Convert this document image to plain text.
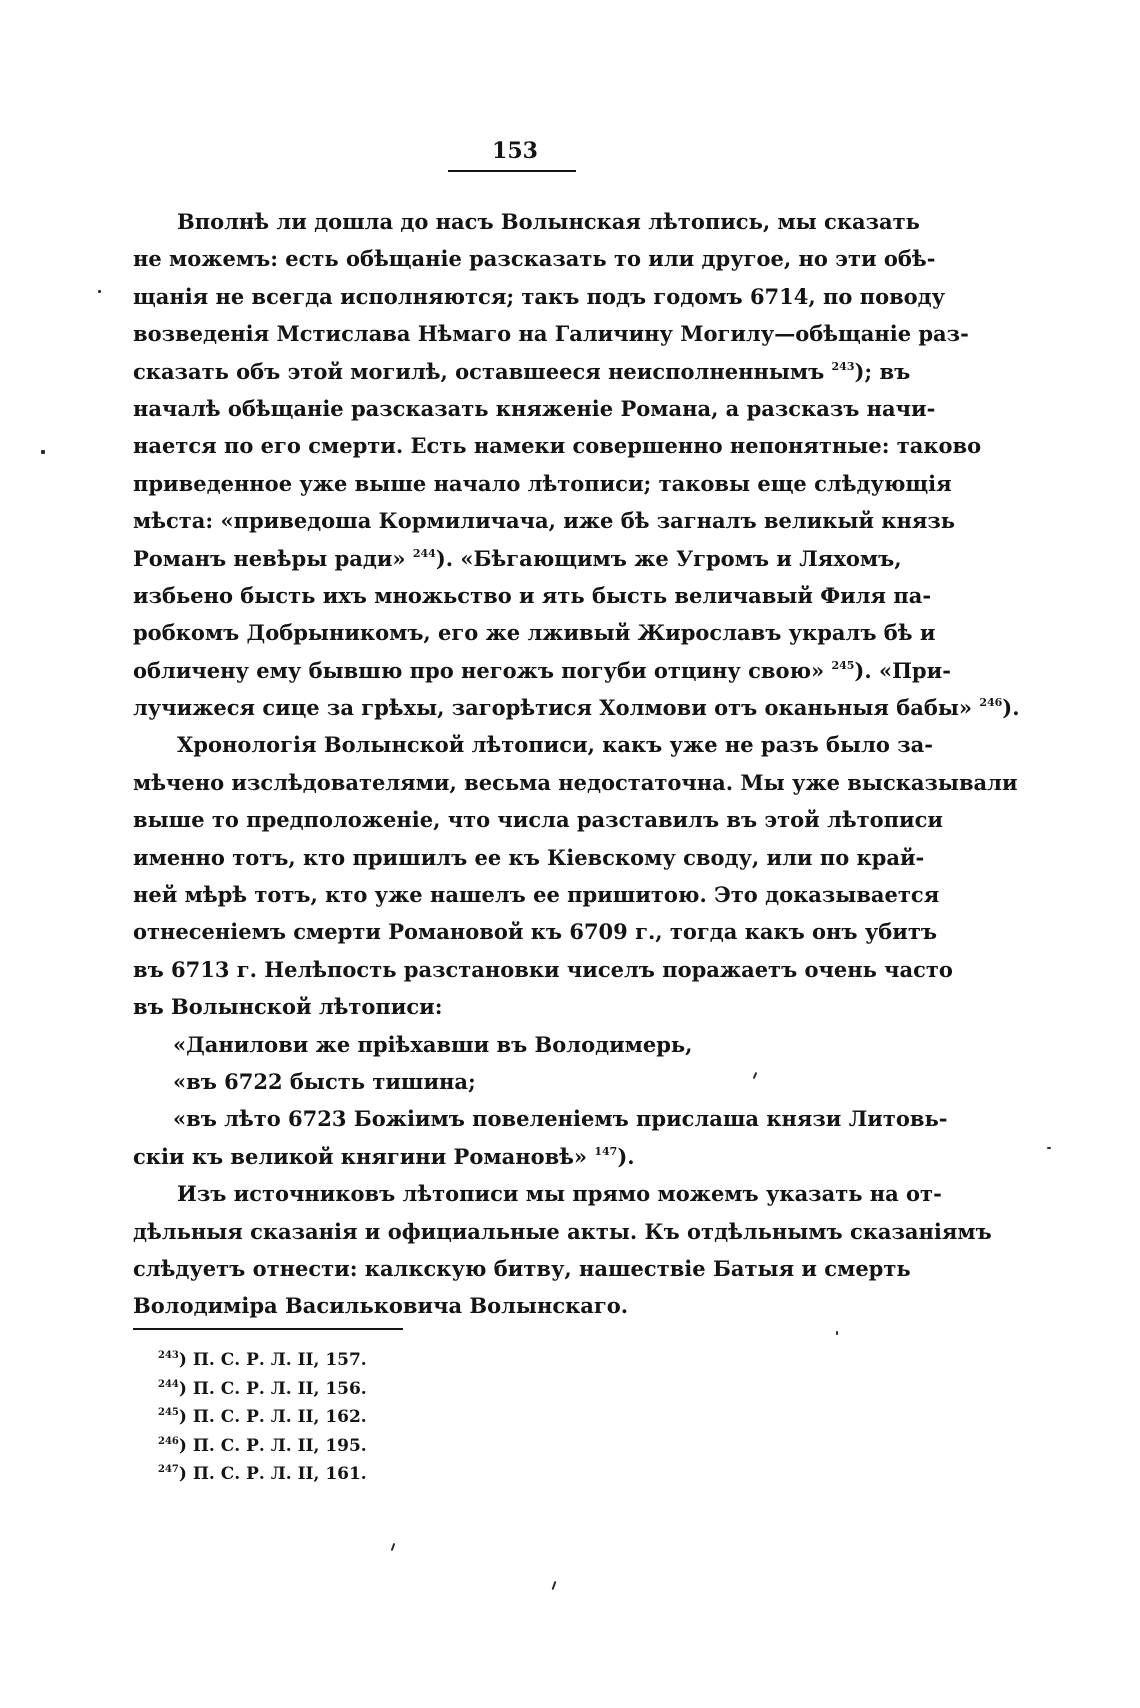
153
Вполнѣ ли дошла до насъ Волынская лѣтопись, мы сказать
не можемъ: есть обѣщаніе разсказать то или другое, но эти обѣ-
щанія не всегда исполняются; такъ подъ годомъ 6714, по поводу
возведенія Мстислава Нѣмаго на Галичину Могилу—обѣщаніе раз-
сказать объ этой могилѣ, оставшееся неисполненнымъ $^{243}$); въ
началѣ обѣщаніе разсказать княженіе Романа, а разсказъ начи-
нается по его смерти. Есть намеки совершенно непонятные: таково
приведенное уже выше начало лѣтописи; таковы еще слѣдующія
мѣста: «приведоша Кормиличача, иже бѣ загналъ великый князь
Романъ невѣры ради» $^{244}$). «Бѣгающимъ же Угромъ и Ляхомъ,
избьено бысть ихъ множьство и ять бысть величавый Филя па-
робкомъ Добрыникомъ, его же лживый Жирославъ укралъ бѣ и
обличену ему бывшю про негожъ погуби отцину свою» $^{245}$). «При-
лучижеся сице за грѣхы, загорѣтися Холмови отъ оканьныя бабы» $^{246}$).
Хронологія Волынской лѣтописи, какъ уже не разъ было за-
мѣчено изслѣдователями, весьма недостаточна. Мы уже высказывали
выше то предположеніе, что числа разставилъ въ этой лѣтописи
именно тотъ, кто пришилъ ее къ Кіевскому своду, или по край-
ней мѣрѣ тотъ, кто уже нашелъ ее пришитою. Это доказывается
отнесеніемъ смерти Романовой къ 6709 г., тогда какъ онъ убитъ
въ 6713 г. Нелѣпость разстановки чиселъ поражаетъ очень часто
въ Волынской лѣтописи:
«Данилови же пріѣхавши въ Володимерь,
«въ 6722 бысть тишина;
«въ лѣто 6723 Божіимъ повеленіемъ прислаша князи Литовь-
скіи къ великой княгини Романовѣ» $^{147}$).
Изъ источниковъ лѣтописи мы прямо можемъ указать на от-
дѣльныя сказанія и официальные акты. Къ отдѣльнымъ сказаніямъ
слѣдуетъ отнести: калкскую битву, нашествіе Батыя и смерть
Володиміра Васильковича Волынскаго.
$^{243}$) П. С. Р. Л. II, 157.
$^{244}$) П. С. Р. Л. II, 156.
$^{245}$) П. С. Р. Л. II, 162.
$^{246}$) П. С. Р. Л. II, 195.
$^{247}$) П. С. Р. Л. II, 161.
